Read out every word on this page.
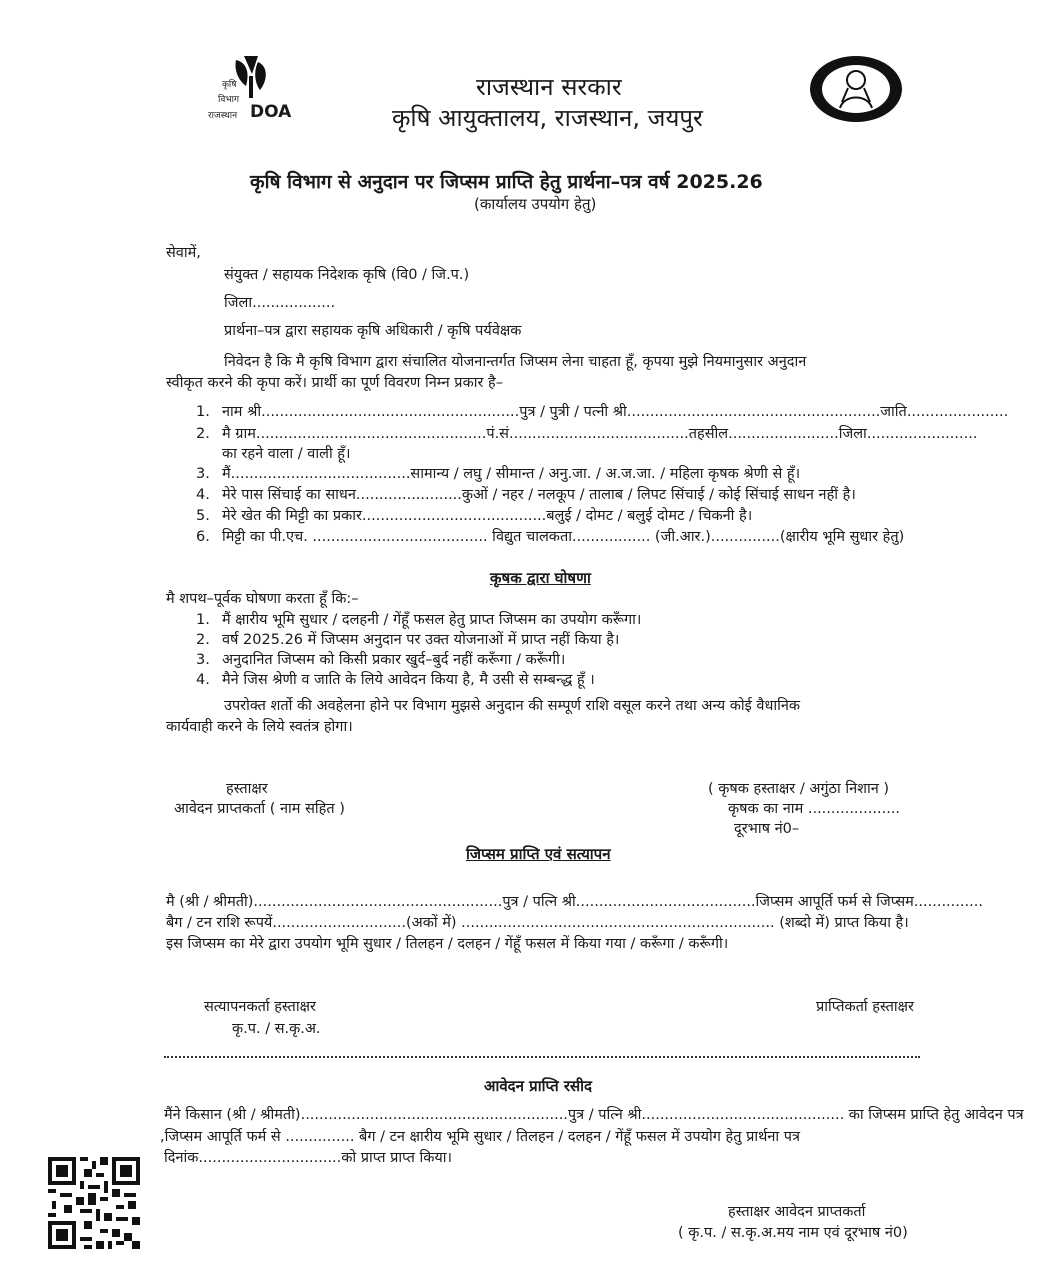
कृषि
विभाग
राजस्थान DOA
राजस्थान सरकार
कृषि आयुक्तालय, राजस्थान, जयपुर
कृषि विभाग से अनुदान पर जिप्सम प्राप्ति हेतु प्रार्थना–पत्र वर्ष 2025.26
(कार्यालय उपयोग हेतु)
सेवामें,
संयुक्त / सहायक निदेशक कृषि (वि0 / जि.प.)
जिला..................
प्रार्थना–पत्र द्वारा सहायक कृषि अधिकारी / कृषि पर्यवेक्षक
निवेदन है कि मै कृषि विभाग द्वारा संचालित योजनान्तर्गत जिप्सम लेना चाहता हूँ, कृपया मुझे नियमानुसार अनुदान
स्वीकृत करने की कृपा करें। प्रार्थी का पूर्ण विवरण निम्न प्रकार है–
1. नाम श्री........................................................पुत्र / पुत्री / पत्नी श्री.......................................................जाति......................
2. मै ग्राम..................................................पं.सं.......................................तहसील........................जिला........................
का रहने वाला / वाली हूँ।
3. मैं.......................................सामान्य / लघु / सीमान्त / अनु.जा. / अ.ज.जा. / महिला कृषक श्रेणी से हूँ।
4. मेरे पास सिंचाई का साधन.......................कुओं / नहर / नलकूप / तालाब / लिपट सिंचाई / कोई सिंचाई साधन नहीं है।
5. मेरे खेत की मिट्टी का प्रकार........................................बलुई / दोमट / बलुई दोमट / चिकनी है।
6. मिट्टी का पी.एच. ...................................... विद्युत चालकता................. (जी.आर.)...............(क्षारीय भूमि सुधार हेतु)
कृषक द्वारा घोषणा
मै शपथ–पूर्वक घोषणा करता हूँ कि:–
1. मैं क्षारीय भूमि सुधार / दलहनी / गेंहूँ फसल हेतु प्राप्त जिप्सम का उपयोग करूँगा।
2. वर्ष 2025.26 में जिप्सम अनुदान पर उक्त योजनाओं में प्राप्त नहीं किया है।
3. अनुदानित जिप्सम को किसी प्रकार खुर्द–बुर्द नहीं करूँगा / करूँगी।
4. मैने जिस श्रेणी व जाति के लिये आवेदन किया है, मै उसी से सम्बन्द्ध हूँ ।
उपरोक्त शर्तो की अवहेलना होने पर विभाग मुझसे अनुदान की सम्पूर्ण राशि वसूल करने तथा अन्य कोई वैधानिक
कार्यवाही करने के लिये स्वतंत्र होगा।
हस्ताक्षर
आवेदन प्राप्तकर्ता ( नाम सहित )
( कृषक हस्ताक्षर / अगुंठा निशान )
कृषक का नाम ....................
दूरभाष नं0–
जिप्सम प्राप्ति एवं सत्यापन
मै (श्री / श्रीमती)......................................................पुत्र / पत्नि श्री.......................................जिप्सम आपूर्ति फर्म से जिप्सम...............
बैग / टन राशि रूपयें.............................(अकों में) .................................................................... (शब्दो में) प्राप्त किया है।
इस जिप्सम का मेरे द्वारा उपयोग भूमि सुधार / तिलहन / दलहन / गेंहूँ फसल में किया गया / करूँगा / करूँगी।
सत्यापनकर्ता हस्ताक्षर
कृ.प. / स.कृ.अ.
प्राप्तिकर्ता हस्ताक्षर
आवेदन प्राप्ति रसीद
मैंने किसान (श्री / श्रीमती)..........................................................पुत्र / पत्नि श्री............................................ का जिप्सम प्राप्ति हेतु आवेदन पत्र
,जिप्सम आपूर्ति फर्म से ............... बैग / टन क्षारीय भूमि सुधार / तिलहन / दलहन / गेंहूँ फसल में उपयोग हेतु प्रार्थना पत्र
दिनांक...............................को प्राप्त प्राप्त किया।
हस्ताक्षर आवेदन प्राप्तकर्ता
( कृ.प. / स.कृ.अ.मय नाम एवं दूरभाष नं0)
